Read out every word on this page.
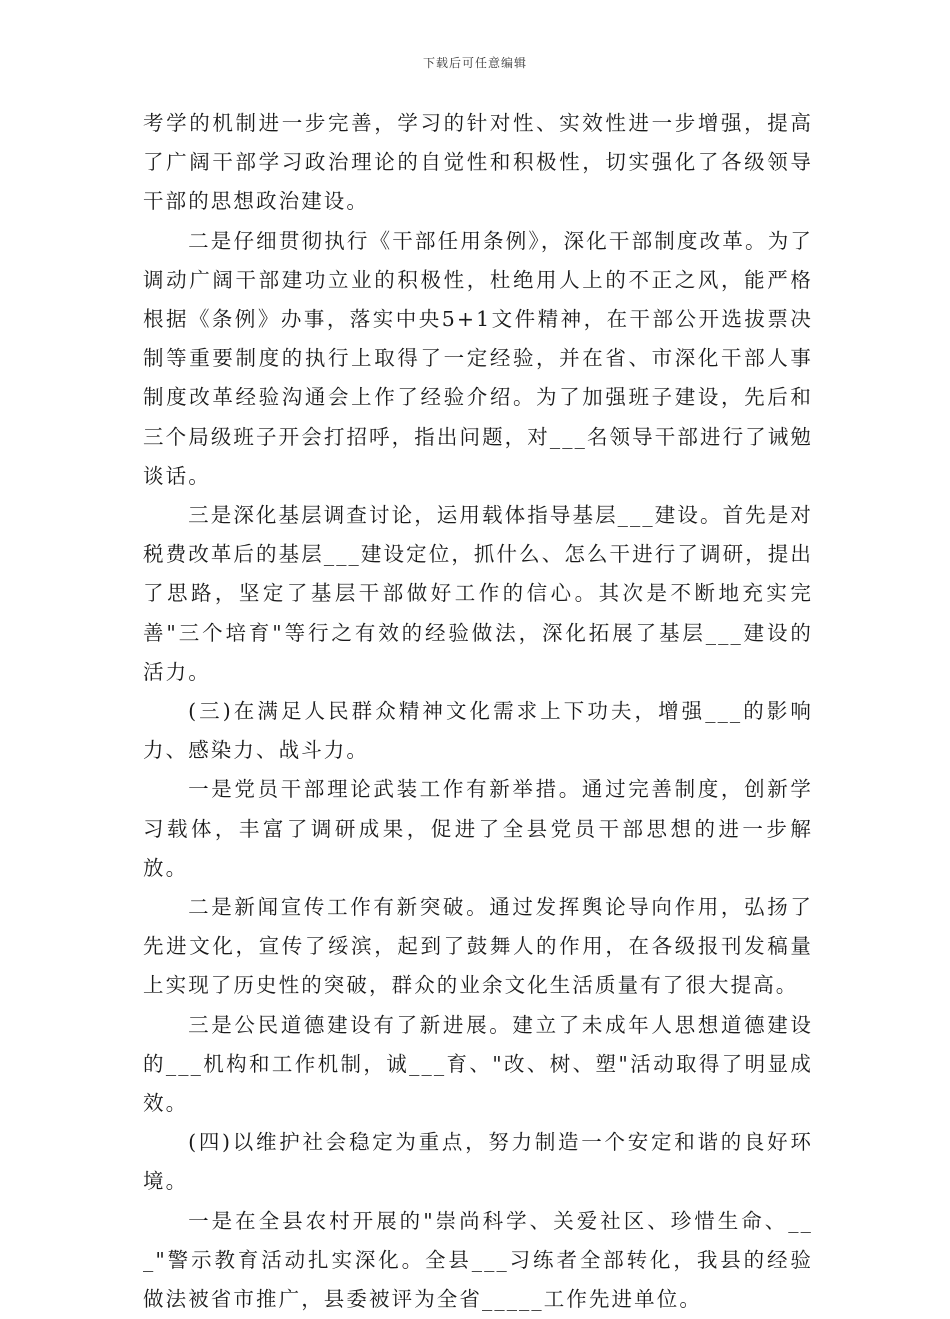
下载后可任意编辑

考学的机制进一步完善，学习的针对性、实效性进一步增强，提高了广阔干部学习政治理论的自觉性和积极性，切实强化了各级领导干部的思想政治建设。

二是仔细贯彻执行《干部任用条例》，深化干部制度改革。为了调动广阔干部建功立业的积极性，杜绝用人上的不正之风，能严格根据《条例》办事，落实中央5+1文件精神，在干部公开选拔票决制等重要制度的执行上取得了一定经验，并在省、市深化干部人事制度改革经验沟通会上作了经验介绍。为了加强班子建设，先后和三个局级班子开会打招呼，指出问题，对___名领导干部进行了诫勉谈话。

三是深化基层调查讨论，运用载体指导基层___建设。首先是对税费改革后的基层___建设定位，抓什么、怎么干进行了调研，提出了思路，坚定了基层干部做好工作的信心。其次是不断地充实完善"三个培育"等行之有效的经验做法，深化拓展了基层___建设的活力。

(三)在满足人民群众精神文化需求上下功夫，增强___的影响力、感染力、战斗力。

一是党员干部理论武装工作有新举措。通过完善制度，创新学习载体，丰富了调研成果，促进了全县党员干部思想的进一步解放。

二是新闻宣传工作有新突破。通过发挥舆论导向作用，弘扬了先进文化，宣传了绥滨，起到了鼓舞人的作用，在各级报刊发稿量上实现了历史性的突破，群众的业余文化生活质量有了很大提高。

三是公民道德建设有了新进展。建立了未成年人思想道德建设的___机构和工作机制，诚___育、"改、树、塑"活动取得了明显成效。

(四)以维护社会稳定为重点，努力制造一个安定和谐的良好环境。

一是在全县农村开展的"崇尚科学、关爱社区、珍惜生命、___"警示教育活动扎实深化。全县___习练者全部转化，我县的经验做法被省市推广，县委被评为全省_____工作先进单位。
